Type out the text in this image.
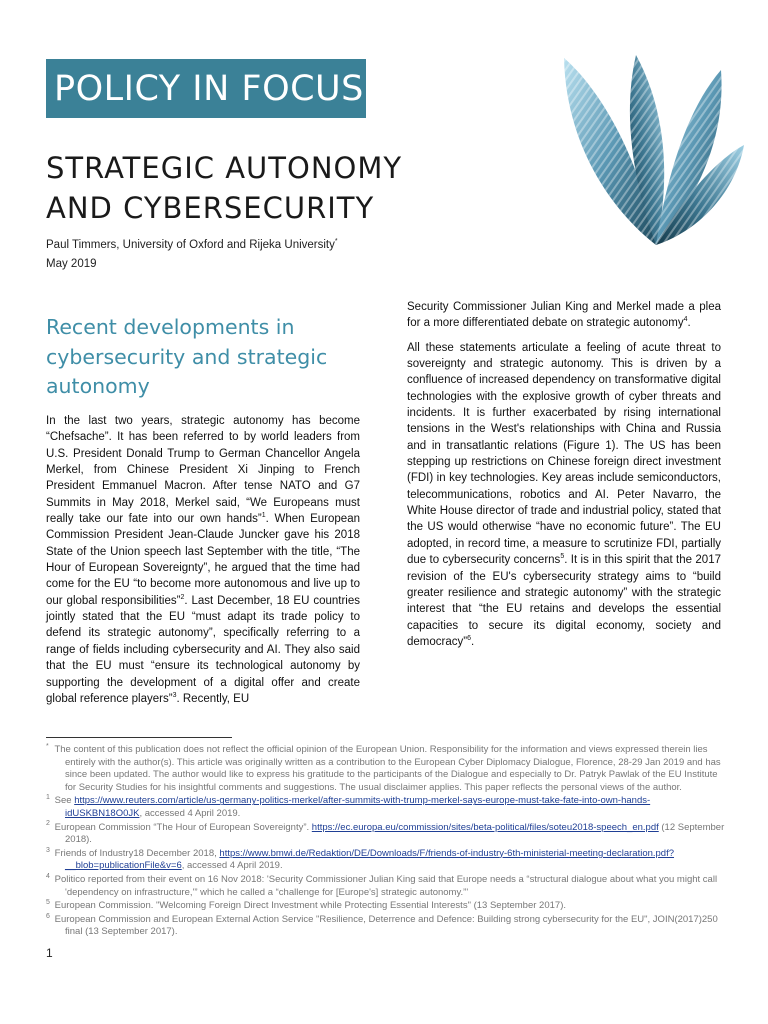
POLICY IN FOCUS
STRATEGIC AUTONOMY
AND CYBERSECURITY
Paul Timmers, University of Oxford and Rijeka University*
May 2019
Recent developments in
cybersecurity and strategic
autonomy

In the last two years, strategic autonomy has become “Chefsache”. It has been referred to by world leaders from U.S. President Donald Trump to German Chancellor Angela Merkel, from Chinese President Xi Jinping to French President Emmanuel Macron. After tense NATO and G7 Summits in May 2018, Merkel said, “We Europeans must really take our fate into our own hands”$^1$. When European Commission President Jean-Claude Juncker gave his 2018 State of the Union speech last September with the title, “The Hour of European Sovereignty”, he argued that the time had come for the EU “to become more autonomous and live up to our global responsibilities”$^2$. Last December, 18 EU countries jointly stated that the EU “must adapt its trade policy to defend its strategic autonomy”, specifically referring to a range of fields including cybersecurity and AI. They also said that the EU must “ensure its technological autonomy by supporting the development of a digital offer and create global reference players”$^3$. Recently, EU

Security Commissioner Julian King and Merkel made a plea for a more differentiated debate on strategic autonomy$^4$.

All these statements articulate a feeling of acute threat to sovereignty and strategic autonomy. This is driven by a confluence of increased dependency on transformative digital technologies with the explosive growth of cyber threats and incidents. It is further exacerbated by rising international tensions in the West's relationships with China and Russia and in transatlantic relations (Figure 1). The US has been stepping up restrictions on Chinese foreign direct investment (FDI) in key technologies. Key areas include semiconductors, telecommunications, robotics and AI. Peter Navarro, the White House director of trade and industrial policy, stated that the US would otherwise “have no economic future”. The EU adopted, in record time, a measure to scrutinize FDI, partially due to cybersecurity concerns$^5$. It is in this spirit that the 2017 revision of the EU's cybersecurity strategy aims to “build greater resilience and strategic autonomy” with the strategic interest that “the EU retains and develops the essential capacities to secure its digital economy, society and democracy”$^6$.

* The content of this publication does not reflect the official opinion of the European Union. Responsibility for the information and views expressed therein lies entirely with the author(s). This article was originally written as a contribution to the European Cyber Diplomacy Dialogue, Florence, 28-29 Jan 2019 and has since been updated. The author would like to express his gratitude to the participants of the Dialogue and especially to Dr. Patryk Pawlak of the EU Institute for Security Studies for his insightful comments and suggestions. The usual disclaimer applies. This paper reflects the personal views of the author.

1 See https://www.reuters.com/article/us-germany-politics-merkel/after-summits-with-trump-merkel-says-europe-must-take-fate-into-own-hands-idUSKBN18O0JK, accessed 4 April 2019.

2 European Commission “The Hour of European Sovereignty”. https://ec.europa.eu/commission/sites/beta-political/files/soteu2018-speech_en.pdf (12 September 2018).

3 Friends of Industry18 December 2018, https://www.bmwi.de/Redaktion/DE/Downloads/F/friends-of-industry-6th-ministerial-meeting-declaration.pdf?__blob=publicationFile&v=6, accessed 4 April 2019.

4 Politico reported from their event on 16 Nov 2018: 'Security Commissioner Julian King said that Europe needs a “structural dialogue about what you might call 'dependency on infrastructure,'” which he called a “challenge for [Europe's] strategic autonomy.”'

5 European Commission. "Welcoming Foreign Direct Investment while Protecting Essential Interests" (13 September 2017).

6 European Commission and European External Action Service "Resilience, Deterrence and Defence: Building strong cybersecurity for the EU", JOIN(2017)250 final (13 September 2017).

1
